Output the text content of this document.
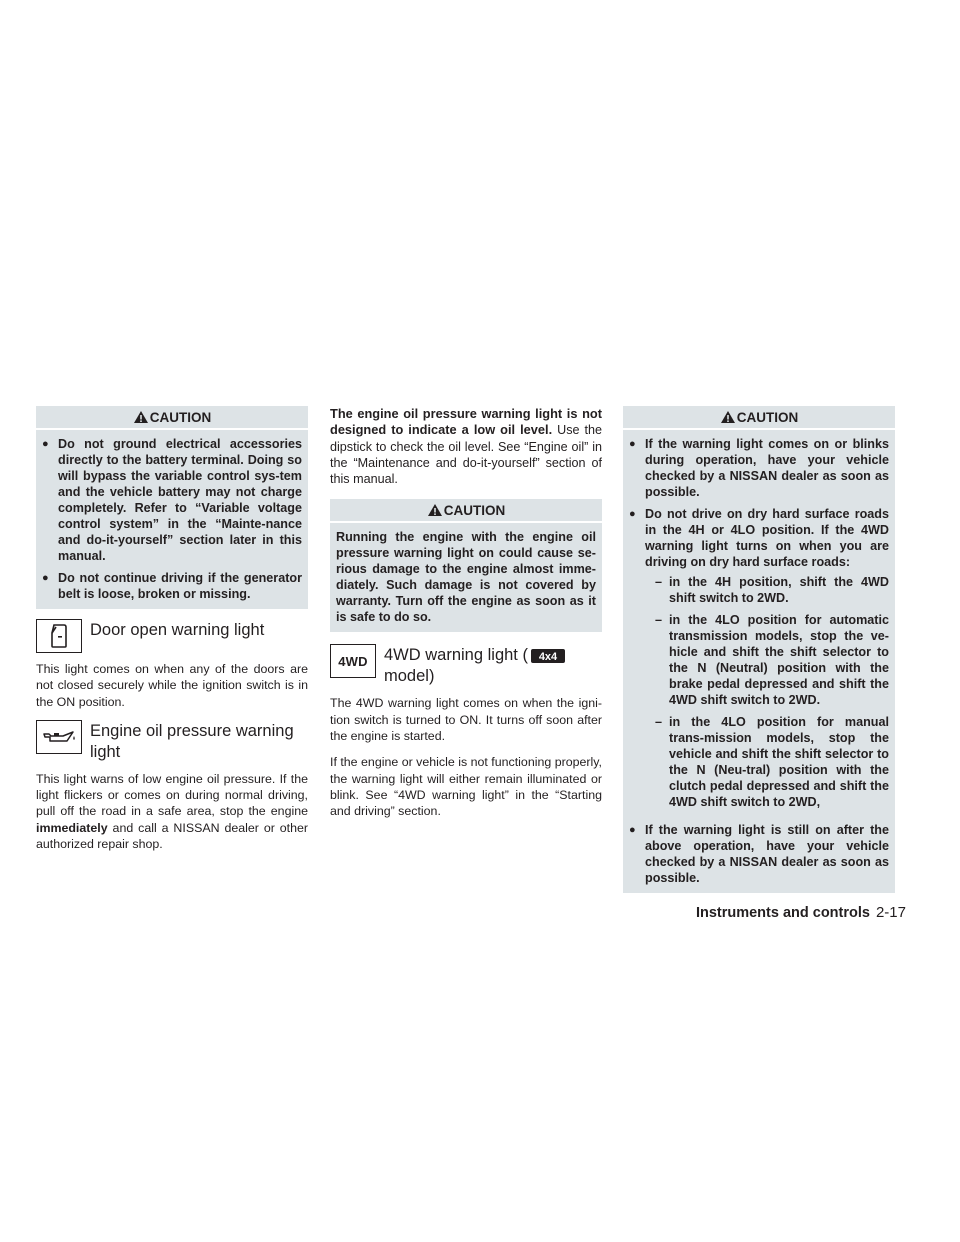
CAUTION
● Do not ground electrical accessories directly to the battery terminal. Doing so will bypass the variable control sys-tem and the vehicle battery may not charge completely. Refer to “Variable voltage control system” in the “Mainte-nance and do-it-yourself” section later in this manual.
● Do not continue driving if the generator belt is loose, broken or missing.
Door open warning light

This light comes on when any of the doors are not closed securely while the ignition switch is in the ON position.

Engine oil pressure warning light

This light warns of low engine oil pressure. If the light flickers or comes on during normal driving, pull off the road in a safe area, stop the engine immediately and call a NISSAN dealer or other authorized repair shop.

The engine oil pressure warning light is not designed to indicate a low oil level. Use the dipstick to check the oil level. See “Engine oil” in the “Maintenance and do-it-yourself” section of this manual.

CAUTION
Running the engine with the engine oil pressure warning light on could cause se-rious damage to the engine almost imme-diately. Such damage is not covered by warranty. Turn off the engine as soon as it is safe to do so.
4WD 4WD warning light ( 4x4

model)

The 4WD warning light comes on when the igni-tion switch is turned to ON. It turns off soon after the engine is started.

If the engine or vehicle is not functioning properly, the warning light will either remain illuminated or blink. See “4WD warning light” in the “Starting and driving” section.

CAUTION
● If the warning light comes on or blinks during operation, have your vehicle checked by a NISSAN dealer as soon as possible.
● Do not drive on dry hard surface roads in the 4H or 4LO position. If the 4WD warning light turns on when you are driving on dry hard surface roads:
– in the 4H position, shift the 4WD shift switch to 2WD.
– in the 4LO position for automatic transmission models, stop the ve-hicle and shift the shift selector to the N (Neutral) position with the brake pedal depressed and shift the 4WD shift switch to 2WD.
– in the 4LO position for manual trans-mission models, stop the vehicle and shift the shift selector to the N (Neu-tral) position with the clutch pedal depressed and shift the 4WD shift switch to 2WD,
● If the warning light is still on after the above operation, have your vehicle checked by a NISSAN dealer as soon as possible.
Instruments and controls 2-17
